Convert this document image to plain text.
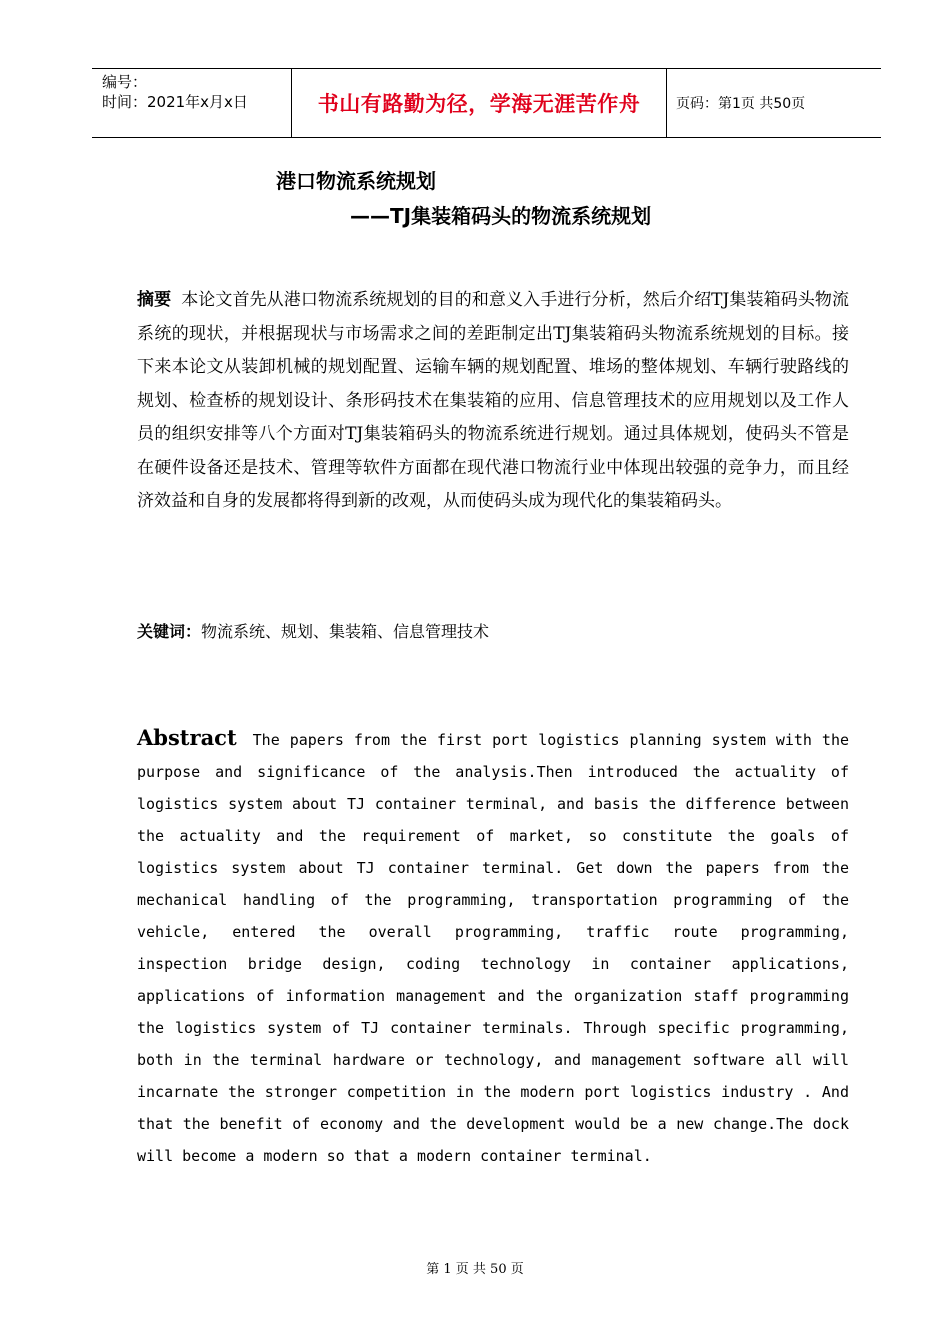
编号：
时间：2021年x月x日	书山有路勤为径，学海无涯苦作舟	页码：第1页 共50页
港口物流系统规划
——TJ集装箱码头的物流系统规划
摘要 本论文首先从港口物流系统规划的目的和意义入手进行分析，然后介绍TJ集装箱码头物流系统的现状，并根据现状与市场需求之间的差距制定出TJ集装箱码头物流系统规划的目标。接下来本论文从装卸机械的规划配置、运输车辆的规划配置、堆场的整体规划、车辆行驶路线的规划、检查桥的规划设计、条形码技术在集装箱的应用、信息管理技术的应用规划以及工作人员的组织安排等八个方面对TJ集装箱码头的物流系统进行规划。通过具体规划，使码头不管是在硬件设备还是技术、管理等软件方面都在现代港口物流行业中体现出较强的竞争力，而且经济效益和自身的发展都将得到新的改观，从而使码头成为现代化的集装箱码头。
关键词：物流系统、规划、集装箱、信息管理技术
Abstract The papers from the first port logistics planning system with the purpose and significance of the analysis.Then introduced the actuality of logistics system about TJ container terminal, and basis the difference between the actuality and the requirement of market, so constitute the goals of logistics system about TJ container terminal. Get down the papers from the mechanical handling of the programming, transportation programming of the vehicle, entered the overall programming, traffic route programming, inspection bridge design, coding technology in container applications, applications of information management and the organization staff programming the logistics system of TJ container terminals. Through specific programming, both in the terminal hardware or technology, and management software all will incarnate the stronger competition in the modern port logistics industry . And that the benefit of economy and the development would be a new change.The dock will become a modern so that a modern container terminal.
第 1 页 共 50 页
